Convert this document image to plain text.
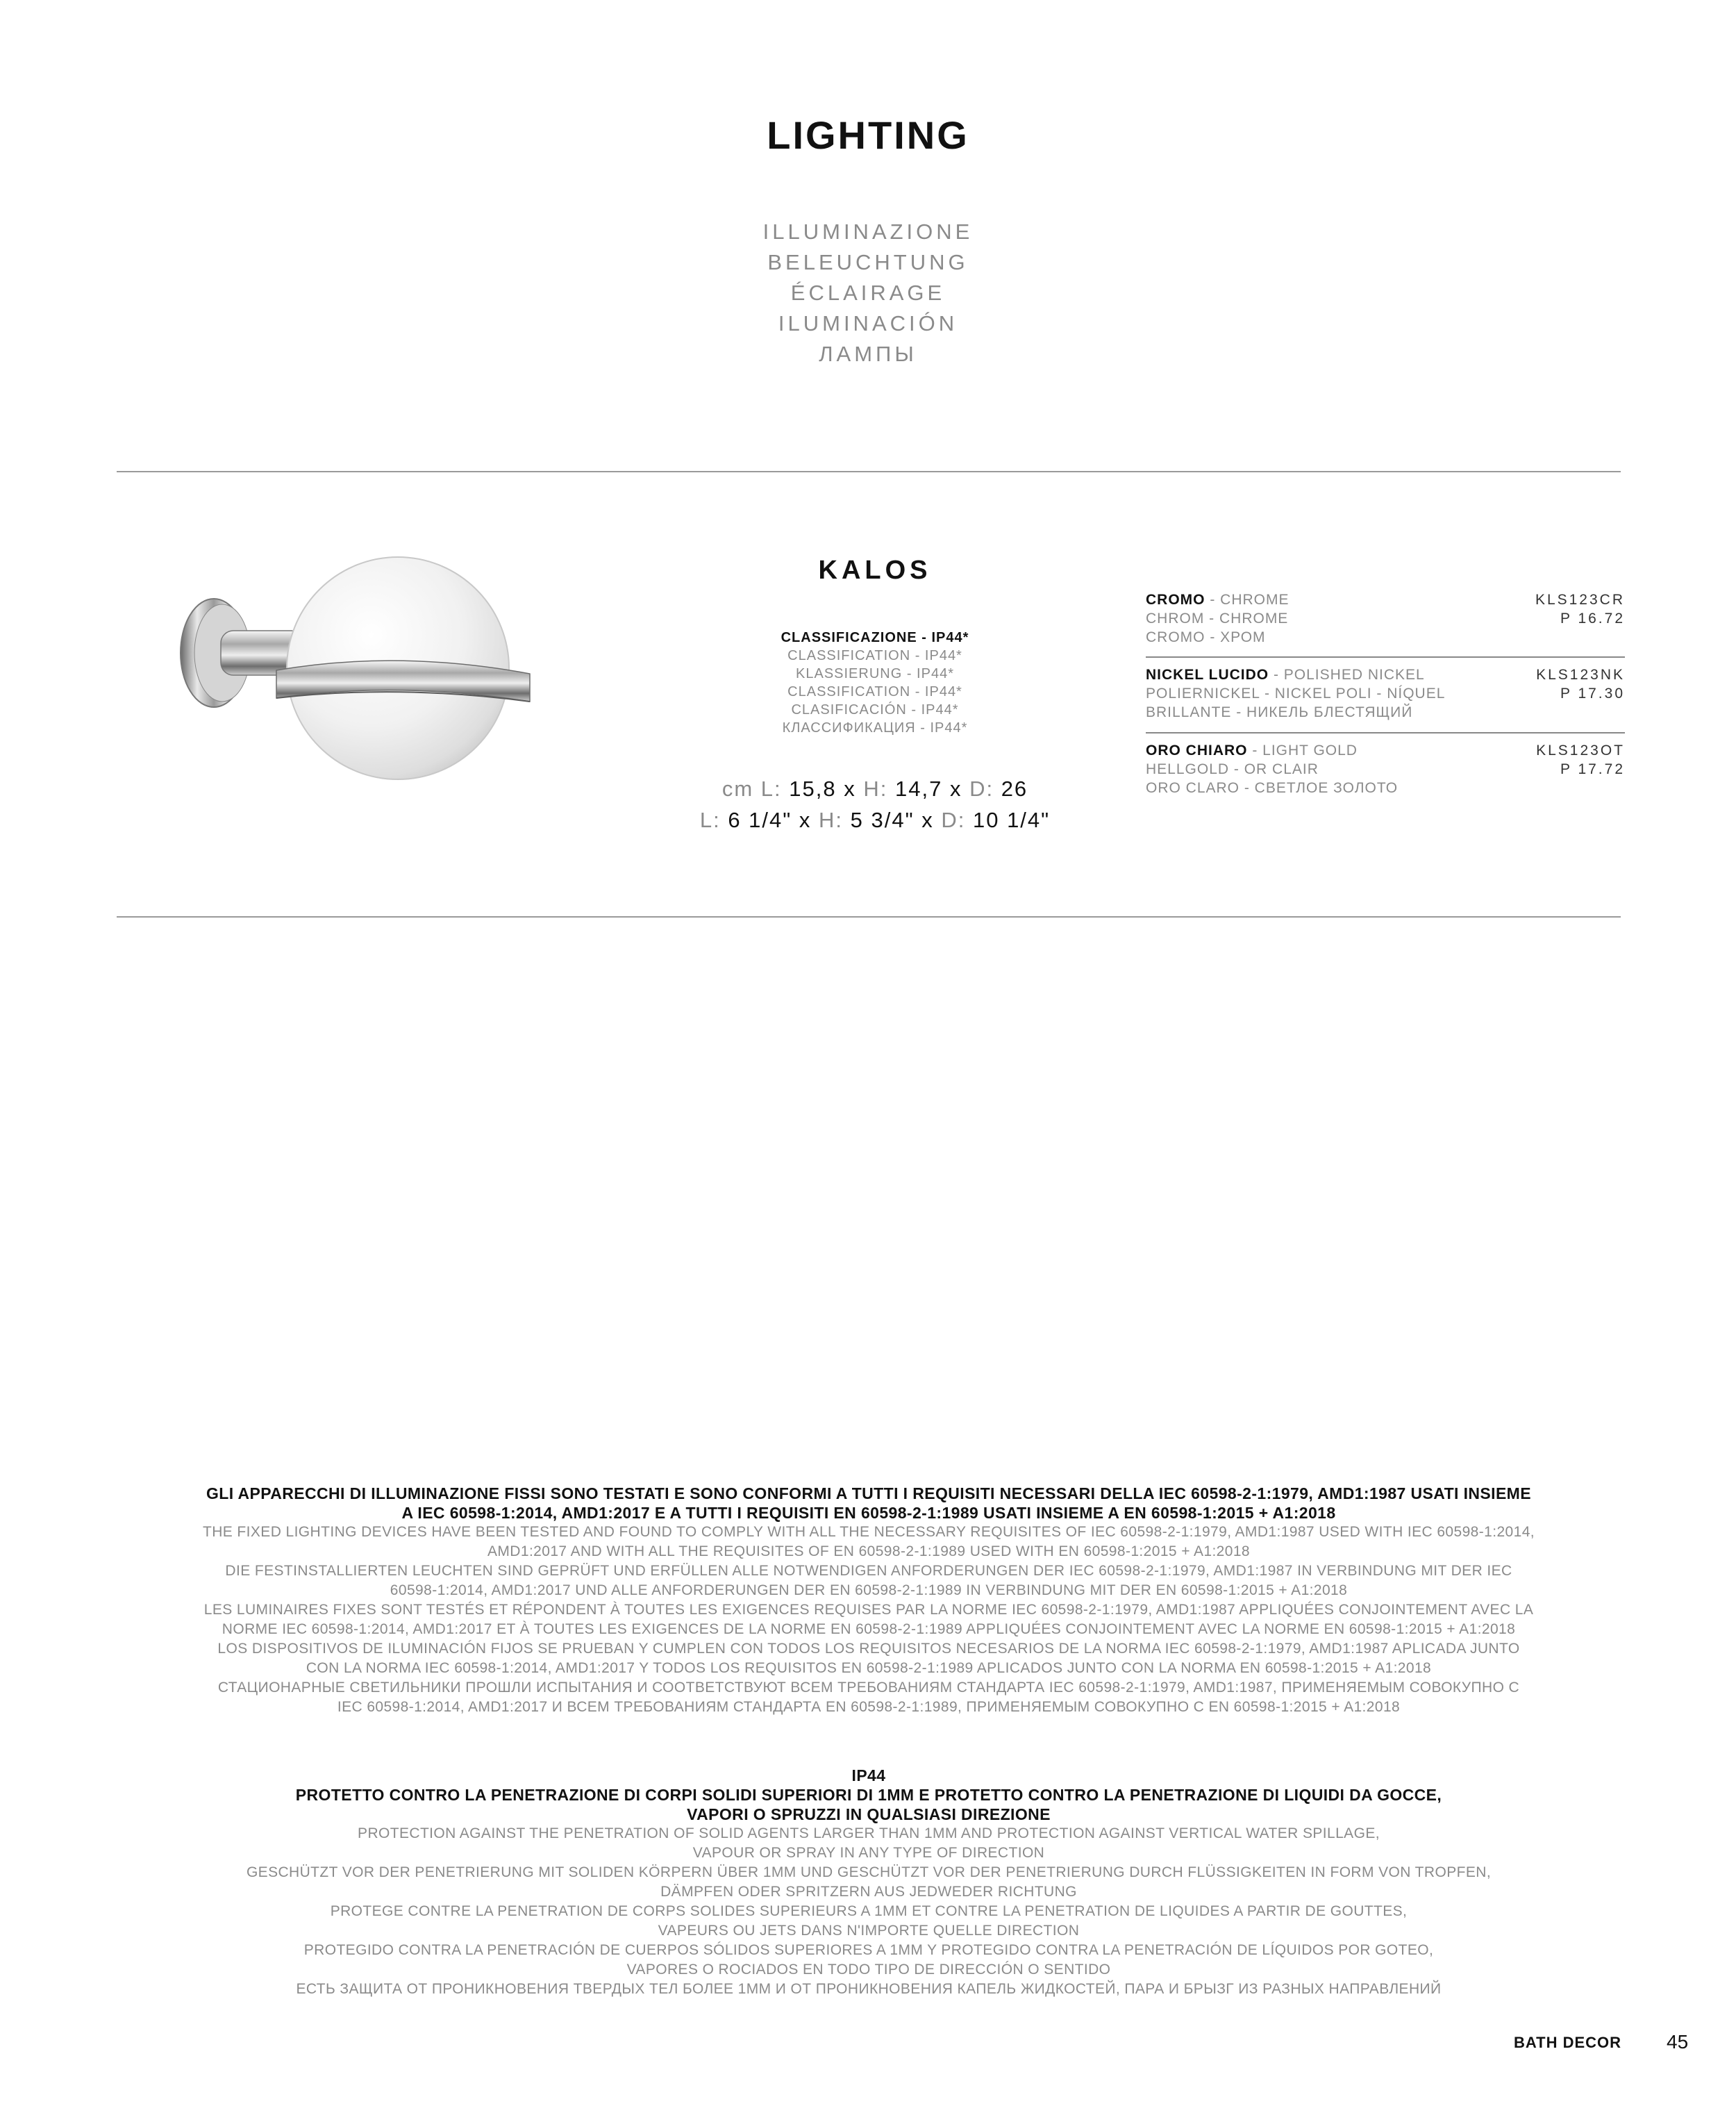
LIGHTING
ILLUMINAZIONE
BELEUCHTUNG
ÉCLAIRAGE
ILUMINACIÓN
ЛАМПЫ
KALOS
CLASSIFICAZIONE - IP44*
CLASSIFICATION - IP44*
KLASSIERUNG - IP44*
CLASSIFICATION - IP44*
CLASIFICACIÓN - IP44*
КЛАССИФИКАЦИЯ - IP44*
cm L: 15,8 x H: 14,7 x D: 26
L: 6 1/4" x H: 5 3/4" x D: 10 1/4"
CROMO - CHROME
CHROM - CHROME
CROMO - ХРОМ
KLS123CR
P 16.72
NICKEL LUCIDO - POLISHED NICKEL
POLIERNICKEL - NICKEL POLI - NÍQUEL
BRILLANTE - НИКЕЛЬ БЛЕСТЯЩИЙ
KLS123NK
P 17.30
ORO CHIARO - LIGHT GOLD
HELLGOLD - OR CLAIR
ORO CLARO - СВЕТЛОЕ ЗОЛОТО
KLS123OT
P 17.72
GLI APPARECCHI DI ILLUMINAZIONE FISSI SONO TESTATI E SONO CONFORMI A TUTTI I REQUISITI NECESSARI DELLA IEC 60598-2-1:1979, AMD1:1987 USATI INSIEME
A IEC 60598-1:2014, AMD1:2017 E A TUTTI I REQUISITI EN 60598-2-1:1989 USATI INSIEME A EN 60598-1:2015 + A1:2018
THE FIXED LIGHTING DEVICES HAVE BEEN TESTED AND FOUND TO COMPLY WITH ALL THE NECESSARY REQUISITES OF IEC 60598-2-1:1979, AMD1:1987 USED WITH IEC 60598-1:2014,
AMD1:2017 AND WITH ALL THE REQUISITES OF EN 60598-2-1:1989 USED WITH EN 60598-1:2015 + A1:2018
DIE FESTINSTALLIERTEN LEUCHTEN SIND GEPRÜFT UND ERFÜLLEN ALLE NOTWENDIGEN ANFORDERUNGEN DER IEC 60598-2-1:1979, AMD1:1987 IN VERBINDUNG MIT DER IEC
60598-1:2014, AMD1:2017 UND ALLE ANFORDERUNGEN DER EN 60598-2-1:1989 IN VERBINDUNG MIT DER EN 60598-1:2015 + A1:2018
LES LUMINAIRES FIXES SONT TESTÉS ET RÉPONDENT À TOUTES LES EXIGENCES REQUISES PAR LA NORME IEC 60598-2-1:1979, AMD1:1987 APPLIQUÉES CONJOINTEMENT AVEC LA
NORME IEC 60598-1:2014, AMD1:2017 ET À TOUTES LES EXIGENCES DE LA NORME EN 60598-2-1:1989 APPLIQUÉES CONJOINTEMENT AVEC LA NORME EN 60598-1:2015 + A1:2018
LOS DISPOSITIVOS DE ILUMINACIÓN FIJOS SE PRUEBAN Y CUMPLEN CON TODOS LOS REQUISITOS NECESARIOS DE LA NORMA IEC 60598-2-1:1979, AMD1:1987 APLICADA JUNTO
CON LA NORMA IEC 60598-1:2014, AMD1:2017 Y TODOS LOS REQUISITOS EN 60598-2-1:1989 APLICADOS JUNTO CON LA NORMA EN 60598-1:2015 + A1:2018
СТАЦИОНАРНЫЕ СВЕТИЛЬНИКИ ПРОШЛИ ИСПЫТАНИЯ И СООТВЕТСТВУЮТ ВСЕМ ТРЕБОВАНИЯМ СТАНДАРТА IEC 60598-2-1:1979, AMD1:1987, ПРИМЕНЯЕМЫМ СОВОКУПНО С
IEC 60598-1:2014, AMD1:2017 И ВСЕМ ТРЕБОВАНИЯМ СТАНДАРТА EN 60598-2-1:1989, ПРИМЕНЯЕМЫМ СОВОКУПНО С EN 60598-1:2015 + A1:2018
IP44
PROTETTO CONTRO LA PENETRAZIONE DI CORPI SOLIDI SUPERIORI DI 1MM E PROTETTO CONTRO LA PENETRAZIONE DI LIQUIDI DA GOCCE,
VAPORI O SPRUZZI IN QUALSIASI DIREZIONE
PROTECTION AGAINST THE PENETRATION OF SOLID AGENTS LARGER THAN 1MM AND PROTECTION AGAINST VERTICAL WATER SPILLAGE,
VAPOUR OR SPRAY IN ANY TYPE OF DIRECTION
GESCHÜTZT VOR DER PENETRIERUNG MIT SOLIDEN KÖRPERN ÜBER 1MM UND GESCHÜTZT VOR DER PENETRIERUNG DURCH FLÜSSIGKEITEN IN FORM VON TROPFEN,
DÄMPFEN ODER SPRITZERN AUS JEDWEDER RICHTUNG
PROTEGE CONTRE LA PENETRATION DE CORPS SOLIDES SUPERIEURS A 1MM ET CONTRE LA PENETRATION DE LIQUIDES A PARTIR DE GOUTTES,
VAPEURS OU JETS DANS N'IMPORTE QUELLE DIRECTION
PROTEGIDO CONTRA LA PENETRACIÓN DE CUERPOS SÓLIDOS SUPERIORES A 1MM Y PROTEGIDO CONTRA LA PENETRACIÓN DE LÍQUIDOS POR GOTEO,
VAPORES O ROCIADOS EN TODO TIPO DE DIRECCIÓN O SENTIDO
ЕСТЬ ЗАЩИТА ОТ ПРОНИКНОВЕНИЯ ТВЕРДЫХ ТЕЛ БОЛЕЕ 1ММ И ОТ ПРОНИКНОВЕНИЯ КАПЕЛЬ ЖИДКОСТЕЙ, ПАРА И БРЫЗГ ИЗ РАЗНЫХ НАПРАВЛЕНИЙ
BATH DECOR 45
